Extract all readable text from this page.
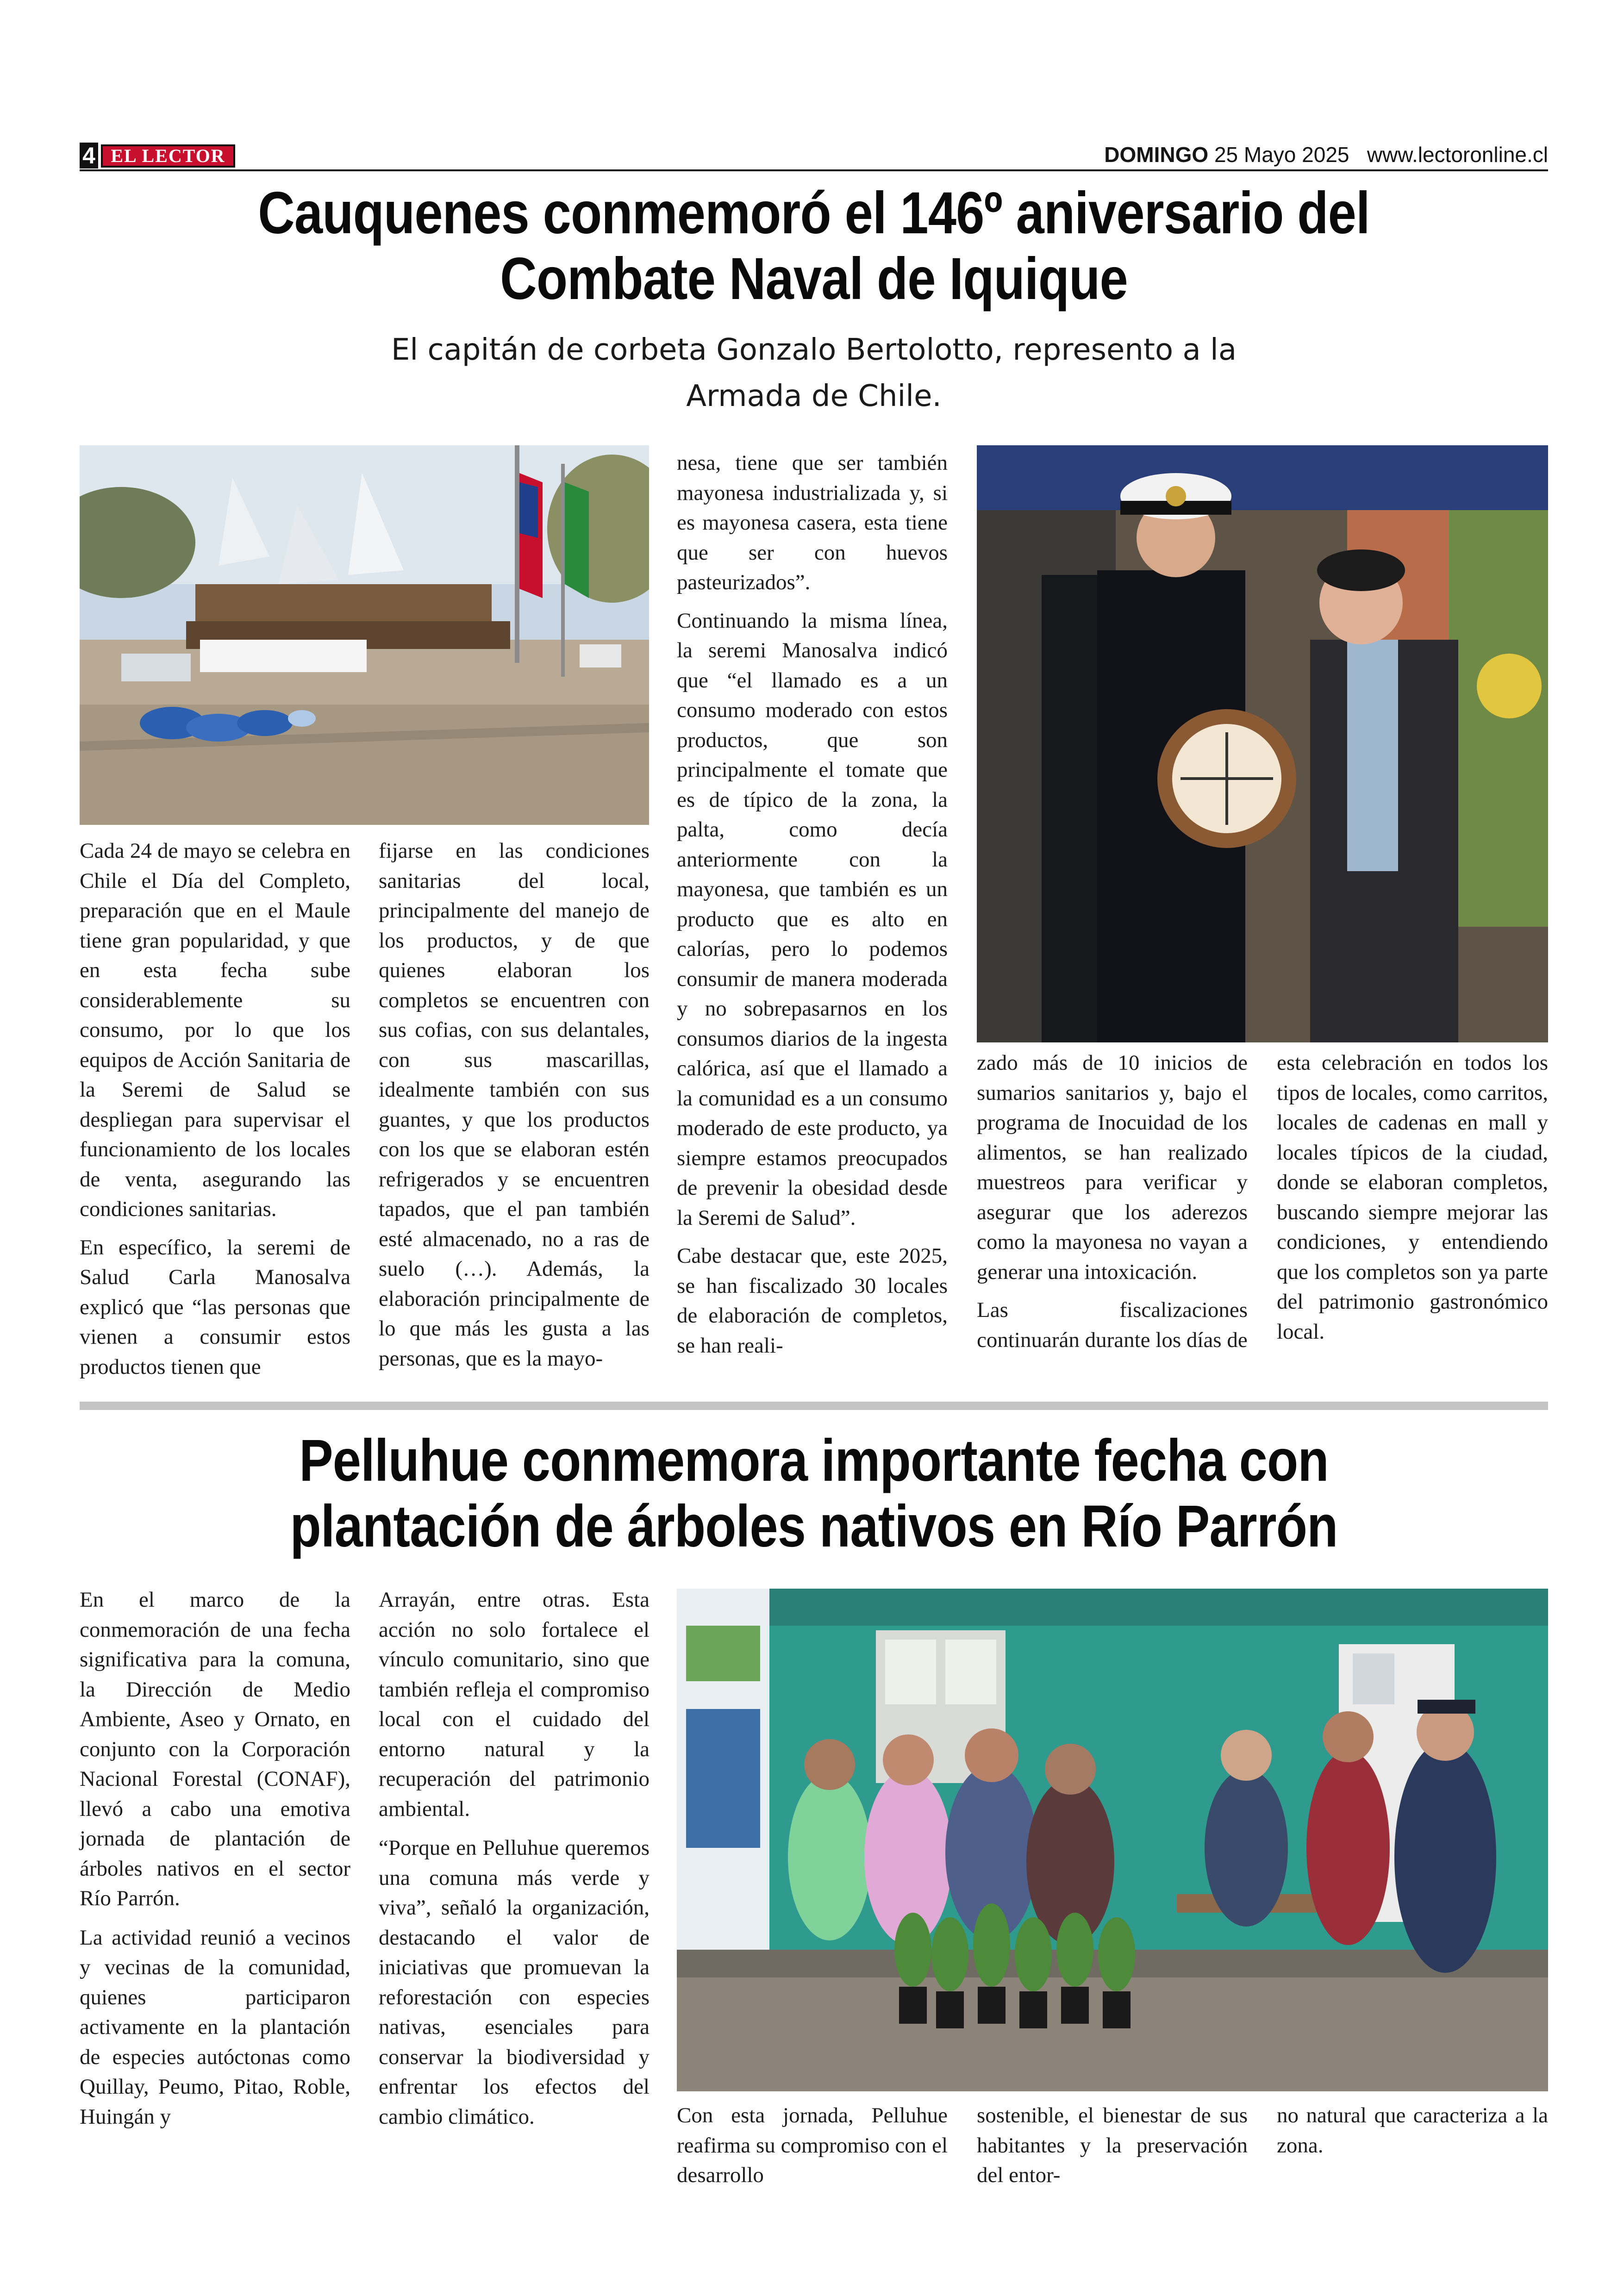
4 EL LECTOR	DOMINGO 25 Mayo 2025 www.lectoronline.cl
Cauquenes conmemoró el 146º aniversario del Combate Naval de Iquique
El capitán de corbeta Gonzalo Bertolotto, represento a la Armada de Chile.

Cada 24 de mayo se celebra en Chile el Día del Completo, preparación que en el Maule tiene gran popularidad, y que en esta fecha sube considerablemente su consumo, por lo que los equipos de Acción Sanitaria de la Seremi de Salud se despliegan para supervisar el funcionamiento de los locales de venta, asegurando las condiciones sanitarias.

En específico, la seremi de Salud Carla Manosalva explicó que “las personas que vienen a consumir estos productos tienen que

fijarse en las condiciones sanitarias del local, principalmente del manejo de los productos, y de que quienes elaboran los completos se encuentren con sus cofias, con sus delantales, con sus mascarillas, idealmente también con sus guantes, y que los productos con los que se elaboran estén refrigerados y se encuentren tapados, que el pan también esté almacenado, no a ras de suelo (…). Además, la elaboración principalmente de lo que más les gusta a las personas, que es la mayo-

nesa, tiene que ser también mayonesa industrializada y, si es mayonesa casera, esta tiene que ser con huevos pasteurizados”.

Continuando la misma línea, la seremi Manosalva indicó que “el llamado es a un consumo moderado con estos productos, que son principalmente el tomate que es de típico de la zona, la palta, como decía anteriormente con la mayonesa, que también es un producto que es alto en calorías, pero lo podemos consumir de manera moderada y no sobrepasarnos en los consumos diarios de la ingesta calórica, así que el llamado a la comunidad es a un consumo moderado de este producto, ya siempre estamos preocupados de prevenir la obesidad desde la Seremi de Salud”.

Cabe destacar que, este 2025, se han fiscalizado 30 locales de elaboración de completos, se han reali-

zado más de 10 inicios de sumarios sanitarios y, bajo el programa de Inocuidad de los alimentos, se han realizado muestreos para verificar y asegurar que los aderezos como la mayonesa no vayan a generar una intoxicación.

Las fiscalizaciones continuarán durante los días de

esta celebración en todos los tipos de locales, como carritos, locales de cadenas en mall y locales típicos de la ciudad, donde se elaboran completos, buscando siempre mejorar las condiciones, y entendiendo que los completos son ya parte del patrimonio gastronómico local.

Pelluhue conmemora importante fecha con plantación de árboles nativos en Río Parrón

En el marco de la conmemoración de una fecha significativa para la comuna, la Dirección de Medio Ambiente, Aseo y Ornato, en conjunto con la Corporación Nacional Forestal (CONAF), llevó a cabo una emotiva jornada de plantación de árboles nativos en el sector Río Parrón.

La actividad reunió a vecinos y vecinas de la comunidad, quienes participaron activamente en la plantación de especies autóctonas como Quillay, Peumo, Pitao, Roble, Huingán y

Arrayán, entre otras. Esta acción no solo fortalece el vínculo comunitario, sino que también refleja el compromiso local con el cuidado del entorno natural y la recuperación del patrimonio ambiental.

“Porque en Pelluhue queremos una comuna más verde y viva”, señaló la organización, destacando el valor de iniciativas que promuevan la reforestación con especies nativas, esenciales para conservar la biodiversidad y enfrentar los efectos del cambio climático.	Con esta jornada, Pelluhue reafirma su compromiso con el desarrollo
sostenible, el bienestar de sus habitantes y la preservación del entor-
no natural que caracteriza a la zona.
